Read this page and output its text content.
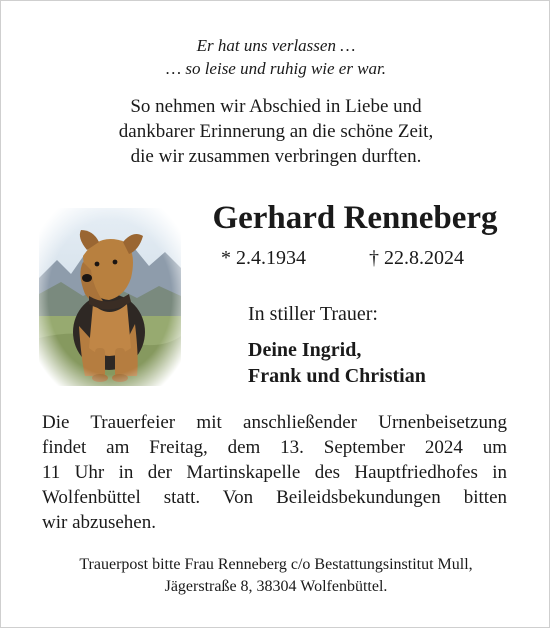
Er hat uns verlassen …
… so leise und ruhig wie er war.
So nehmen wir Abschied in Liebe und
dankbarer Erinnerung an die schöne Zeit,
die wir zusammen verbringen durften.
Gerhard Renneberg
* 2.4.1934	† 22.8.2024
In stiller Trauer:
Deine Ingrid,
Frank und Christian
Die Trauerfeier mit anschließender Urnenbeisetzung
findet am Freitag, dem 13. September 2024 um
11 Uhr in der Martinskapelle des Hauptfriedhofes in
Wolfenbüttel statt. Von Beileidsbekundungen bitten
wir abzusehen.
Trauerpost bitte Frau Renneberg c/o Bestattungsinstitut Mull,
Jägerstraße 8, 38304 Wolfenbüttel.
